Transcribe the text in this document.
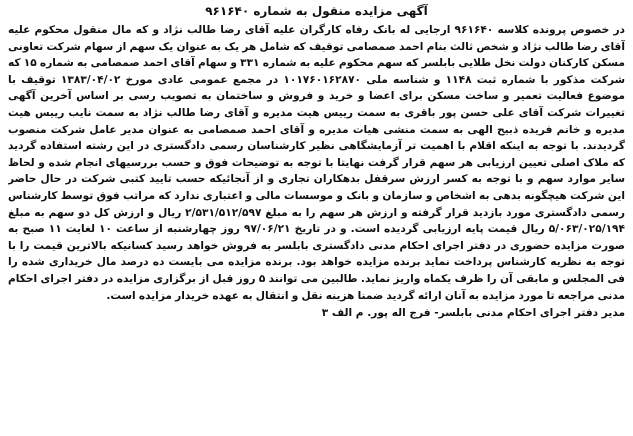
آگهی مزایده منقول به شماره ۹۶۱۶۴۰

در خصوص پرونده کلاسه ۹۶۱۶۴۰ ارجایی له بانک رفاه کارگران علیه آقای رضا طالب نژاد و که مال منقول محکوم علیه آقای رضا طالب نژاد و شخص ثالث بنام احمد صمصامی توقیف که شامل هر یک به عنوان یک سهم از سهام شرکت تعاونی مسکن کارکنان دولت نخل طلایی بابلسر که سهم محکوم علیه به شماره ۳۳۱ و سهام آقای احمد صمصامی به شماره ۱۵ که شرکت مذکور با شماره ثبت ۱۱۴۸ و شناسه ملی ۱۰۱۷۶۰۱۶۲۸۷۰ در مجمع عمومی عادی مورخ ۱۳۸۳/۰۴/۰۲ توقیف با موضوع فعالیت تعمیر و ساخت مسکن برای اعضا و خرید و فروش و ساختمان به تصویب رسی بر اساس آخرین آگهی تغییرات شرکت آقای علی حسن پور باقری به سمت رییس هیت مدیره و آقای رضا طالب نژاد به سمت نایب رییس هیت مدیره و خانم فریده ذبیح الهی به سمت منشی هیات مدیره و آقای احمد صمصامی به عنوان مدیر عامل شرکت منصوب گردیدند. با توجه به اینکه اقلام با اهمیت تر آزمایشگاهی نظیر کارشناسان رسمی دادگستری در این رشته استفاده گردید که ملاک اصلی تعیین ارزیابی هر سهم قرار گرفت نهایتا با توجه به توضیحات فوق و حسب بررسیهای انجام شده و لحاظ سایر موارد سهم و با توجه به کسر ارزش سرقفل بدهکاران تجاری و از آنجائیکه حسب تایید کتبی شرکت در حال حاضر این شرکت هیچگونه بدهی به اشخاص و سازمان و بانک و موسسات مالی و اعتباری ندارد که مراتب فوق توسط کارشناس رسمی دادگستری مورد بازدید قرار گرفته و ارزش هر سهم را به مبلغ ۲/۵۳۱/۵۱۲/۵۹۷ ریال و ارزش کل دو سهم به مبلغ ۵/۰۶۳/۰۲۵/۱۹۴ ریال قیمت پایه ارزیابی گردیده است. و در تاریخ ۹۷/۰۶/۲۱ روز چهارشنبه از ساعت ۱۰ لغایت ۱۱ صبح به صورت مزایده حضوری در دفتر اجرای احکام مدنی دادگستری بابلسر به فروش خواهد رسید کسانیکه بالاترین قیمت را با توجه به نظریه کارشناس پرداخت نماید برنده مزایده خواهد بود. برنده مزایده می بایست ده درصد مال خریداری شده را فی المجلس و مابقی آن را ظرف یکماه واریز نماید. طالبین می توانند ۵ روز قبل از برگزاری مزایده در دفتر اجرای احکام مدنی مراجعه تا مورد مزایده به آنان ارائه گردید ضمنا هزینه نقل و انتقال به عهده خریدار مزایده است.

مدیر دفتر اجرای احکام مدنی بابلسر- فرج اله پور. م الف ۳
